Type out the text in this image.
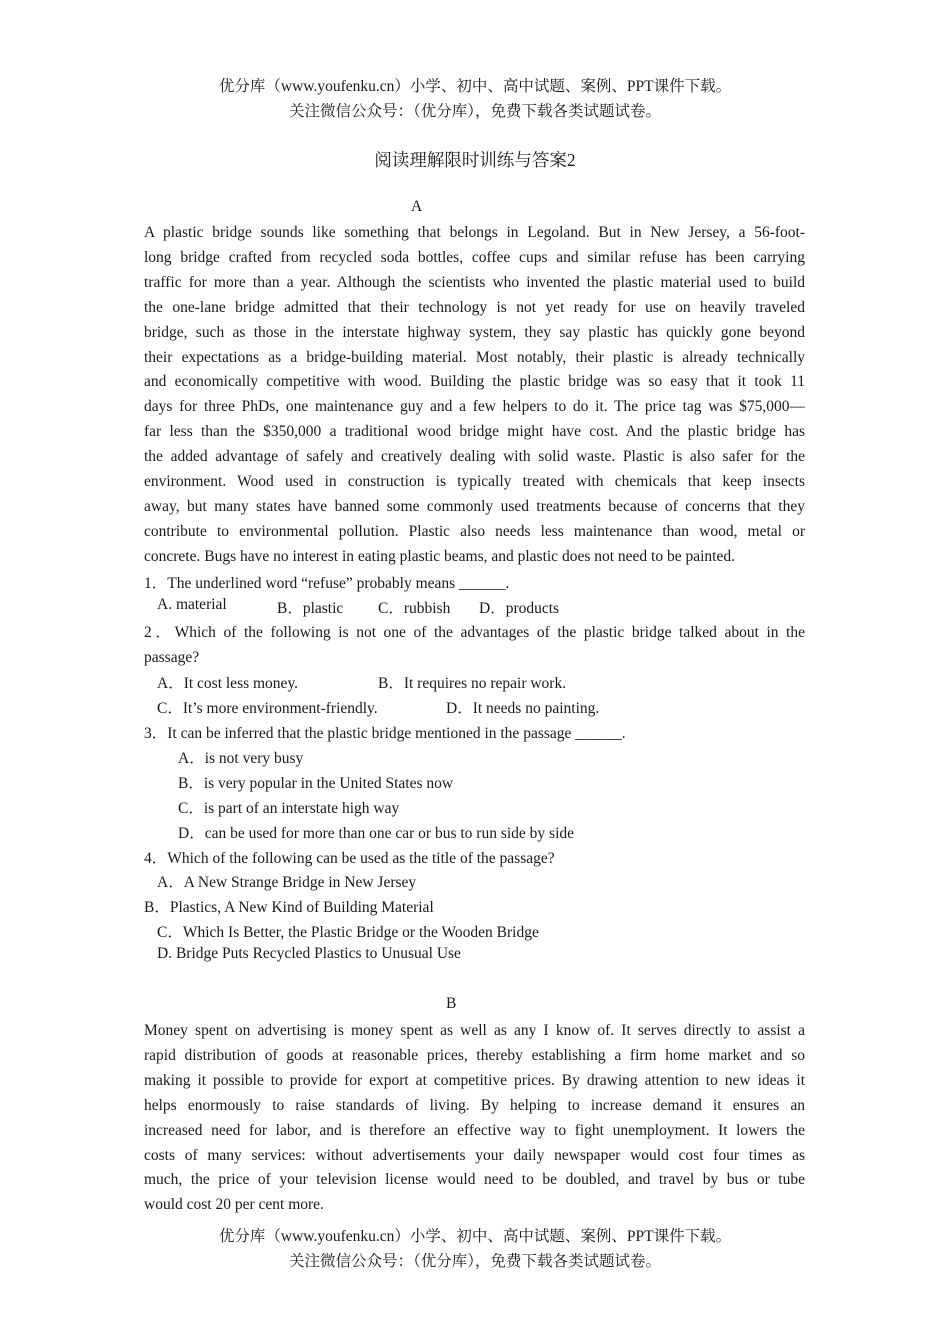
优分库（www.youfenku.cn）小学、初中、高中试题、案例、PPT课件下载。
关注微信公众号：（优分库），免费下载各类试题试卷。
阅读理解限时训练与答案2
A
A plastic bridge sounds like something that belongs in Legoland. But in New Jersey, a 56-foot-
long bridge crafted from recycled soda bottles, coffee cups and similar refuse has been carrying
traffic for more than a year. Although the scientists who invented the plastic material used to build
the one-lane bridge admitted that their technology is not yet ready for use on heavily traveled
bridge, such as those in the interstate highway system, they say plastic has quickly gone beyond
their expectations as a bridge-building material. Most notably, their plastic is already technically
and economically competitive with wood. Building the plastic bridge was so easy that it took 11
days for three PhDs, one maintenance guy and a few helpers to do it. The price tag was $75,000—
far less than the $350,000 a traditional wood bridge might have cost. And the plastic bridge has
the added advantage of safely and creatively dealing with solid waste. Plastic is also safer for the
environment. Wood used in construction is typically treated with chemicals that keep insects
away, but many states have banned some commonly used treatments because of concerns that they
contribute to environmental pollution. Plastic also needs less maintenance than wood, metal or
concrete. Bugs have no interest in eating plastic beams, and plastic does not need to be painted.
1．The underlined word “refuse” probably means ______.
A. material	B．plastic C．rubbish D．products
2．Which of the following is not one of the advantages of the plastic bridge talked about in the
passage?
A．It cost less money.	B．It requires no repair work.
C．It’s more environment-friendly.	D．It needs no painting.
3．It can be inferred that the plastic bridge mentioned in the passage ______.
A．is not very busy
B．is very popular in the United States now
C．is part of an interstate high way
D．can be used for more than one car or bus to run side by side
4．Which of the following can be used as the title of the passage?
A．A New Strange Bridge in New Jersey
B．Plastics, A New Kind of Building Material
C．Which Is Better, the Plastic Bridge or the Wooden Bridge
D. Bridge Puts Recycled Plastics to Unusual Use
B
Money spent on advertising is money spent as well as any I know of. It serves directly to assist a
rapid distribution of goods at reasonable prices, thereby establishing a firm home market and so
making it possible to provide for export at competitive prices. By drawing attention to new ideas it
helps enormously to raise standards of living. By helping to increase demand it ensures an
increased need for labor, and is therefore an effective way to fight unemployment. It lowers the
costs of many services: without advertisements your daily newspaper would cost four times as
much, the price of your television license would need to be doubled, and travel by bus or tube
would cost 20 per cent more.
优分库（www.youfenku.cn）小学、初中、高中试题、案例、PPT课件下载。
关注微信公众号：（优分库），免费下载各类试题试卷。
